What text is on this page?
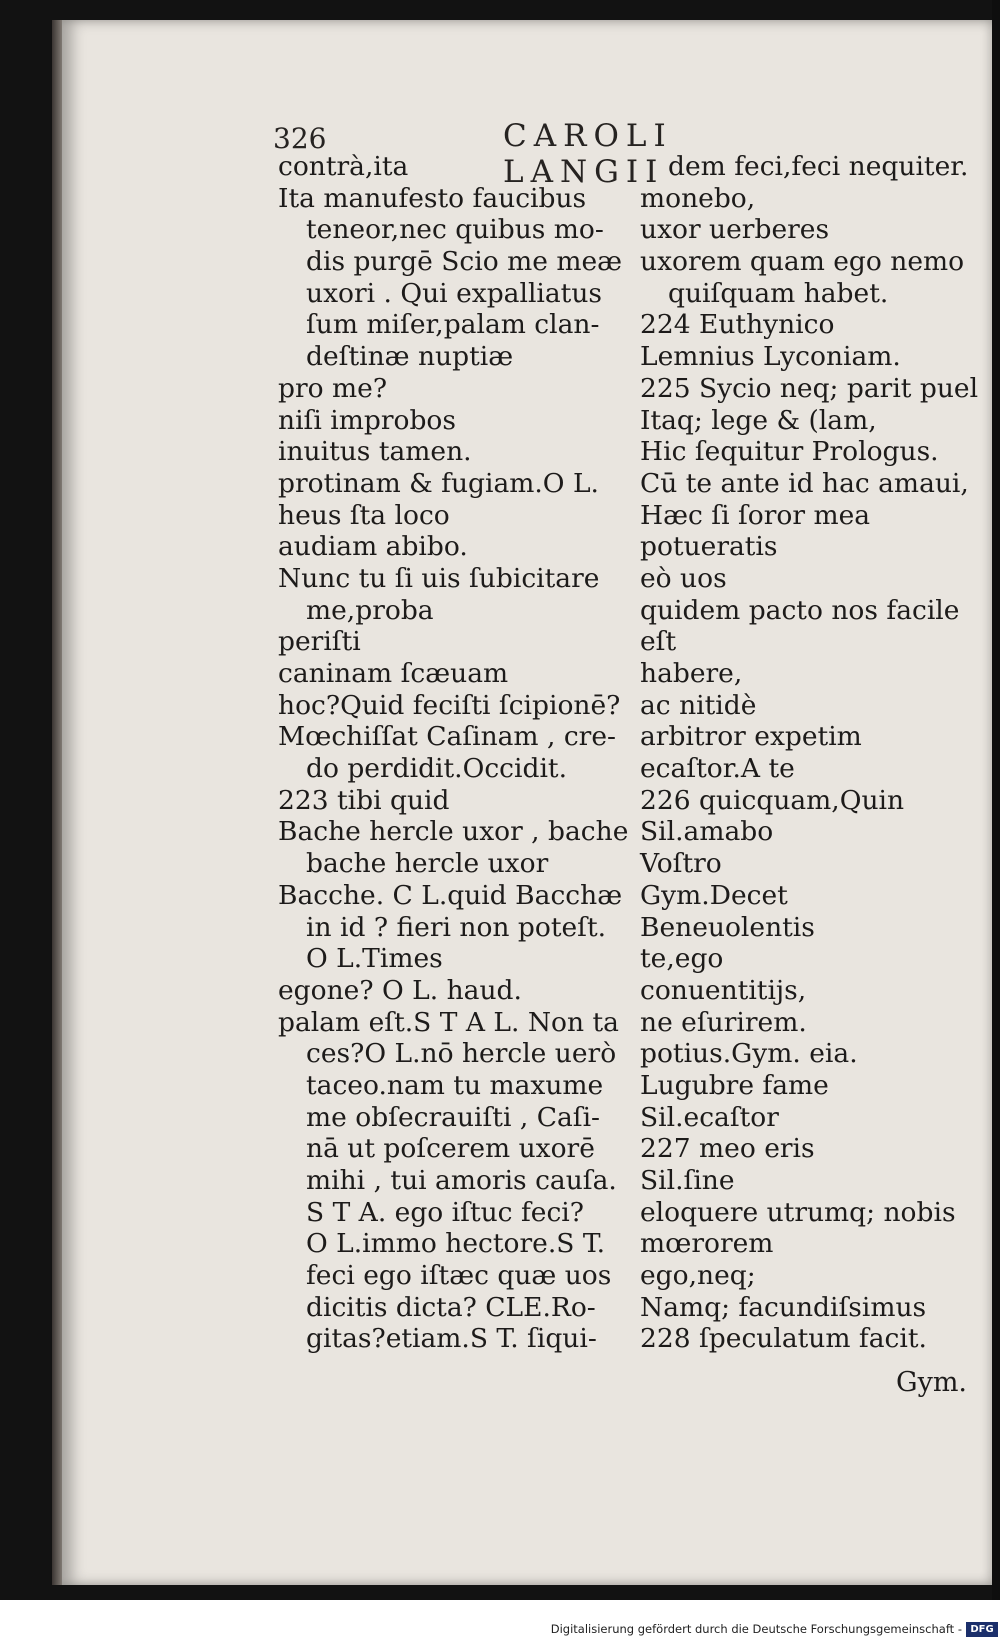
326	CAROLI LANGII
contrà,ita
Ita manufesto faucibus
teneor,nec quibus mo-
dis purgē Scio me meæ
uxori . Qui expalliatus
ſum miſer,palam clan-
deſtinæ nuptiæ
pro me?
niſi improbos
inuitus tamen.
protinam & fugiam.O L.
heus ſta loco
audiam abibo.
Nunc tu ſi uis ſubicitare
me,proba
periſti
caninam ſcæuam
hoc?Quid feciſti ſcipionē?
Mœchiſſat Caſinam , cre-
do perdidit.Occidit.
223 tibi quid
Bache hercle uxor , bache
bache hercle uxor
Bacche. C L.quid Bacchæ
in id ? fieri non poteſt.
O L.Times
egone? O L. haud.
palam eſt.S T A L. Non ta
ces?O L.nō hercle uerò
taceo.nam tu maxume
me obſecrauiſti , Caſi-
nā ut poſcerem uxorē
mihi , tui amoris cauſa.
S T A. ego iſtuc feci?
O L.immo hectore.S T.
feci ego iſtæc quæ uos
dicitis dicta? CLE.Ro-
gitas?etiam.S T. ſiqui-
dem feci,feci nequiter.
monebo,
uxor uerberes
uxorem quam ego nemo
quiſquam habet.
224 Euthynico
Lemnius Lyconiam.
225 Sycio neq; parit puel
Itaq; lege & (lam,
Hic ſequitur Prologus.
Cū te ante id hac amaui,
Hæc ſi ſoror mea
potueratis
eò uos
quidem pacto nos facile
eſt
habere,
ac nitidè
arbitror expetim
ecaſtor.A te
226 quicquam,Quin
Sil.amabo
Voſtro
Gym.Decet
Beneuolentis
te,ego
conuentitijs,
ne eſurirem.
potius.Gym. eia.
Lugubre fame
Sil.ecaſtor
227 meo eris
Sil.ſine
eloquere utrumq; nobis
mœrorem
ego,neq;
Namq; facundiſsimus
228 ſpeculatum facit.
Gym.
Digitalisierung gefördert durch die Deutsche Forschungsgemeinschaft - DFG
